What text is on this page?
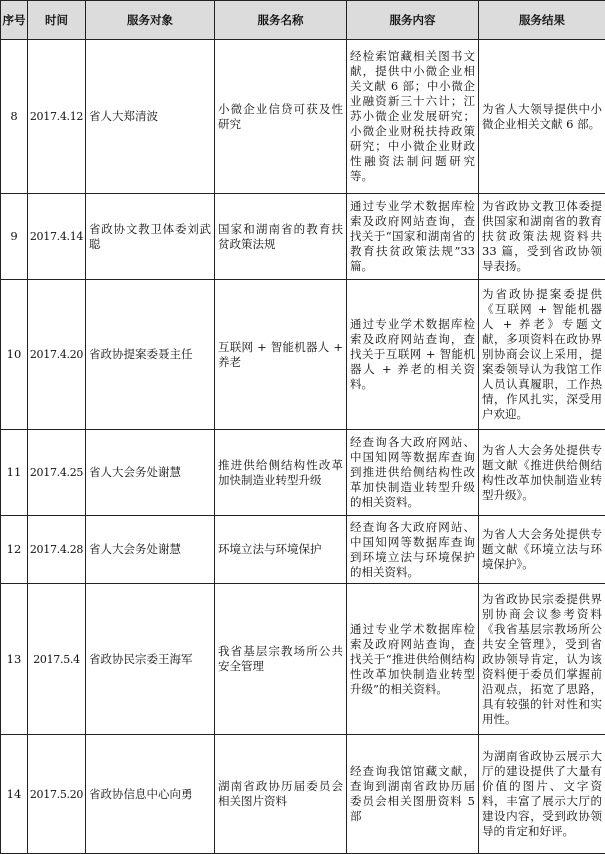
序号	时间	服务对象	服务名称	服务内容	服务结果
8	2017.4.12	省人大郑清波	小微企业信贷可获及性研究	经检索馆藏相关图书文献，提供中小微企业相关文献 6 部；中小微企业融资新三十六计；江苏小微企业发展研究；小微企业财税扶持政策研究；中小微企业财政性融资法制问题研究等。	为省人大领导提供中小微企业相关文献 6 部。
9	2017.4.14	省政协文教卫体委刘武聪	国家和湖南省的教育扶贫政策法规	通过专业学术数据库检索及政府网站查询，查找关于“国家和湖南省的教育扶贫政策法规”33 篇。	为省政协文教卫体委提供国家和湖南省的教育扶贫政策法规资料共 33 篇，受到省政协领导表扬。
10	2017.4.20	省政协提案委聂主任	互联网 + 智能机器人 + 养老	通过专业学术数据库检索及政府网站查询，查找关于互联网 + 智能机器人 + 养老的相关资料。	为省政协提案委提供《互联网 + 智能机器人 + 养老》专题文献，多项资料在政协界别协商会议上采用，提案委领导认为我馆工作人员认真履职，工作热情，作风扎实，深受用户欢迎。
11	2017.4.25	省人大会务处谢慧	推进供给侧结构性改革加快制造业转型升级	经查询各大政府网站、中国知网等数据库查询到推进供给侧结构性改革加快制造业转型升级的相关资料。	为省人大会务处提供专题文献《推进供给侧结构性改革加快制造业转型升级》。
12	2017.4.28	省人大会务处谢慧	环境立法与环境保护	经查询各大政府网站、中国知网等数据库查询到环境立法与环境保护的相关资料。	为省人大会务处提供专题文献《环境立法与环境保护》。
13	2017.5.4	省政协民宗委王海军	我省基层宗教场所公共安全管理	通过专业学术数据库检索及政府网站查询，查找关于“推进供给侧结构性改革加快制造业转型升级”的相关资料。	为省政协民宗委提供界别协商会议参考资料《我省基层宗教场所公共安全管理》，受到省政协领导肯定，认为该资料便于委员们掌握前沿观点，拓宽了思路，具有较强的针对性和实用性。
14	2017.5.20	省政协信息中心向勇	湖南省政协历届委员会相关图片资料	经查询我馆馆藏文献，查询到湖南省政协历届委员会相关图册资料 5 部	为湖南省政协云展示大厅的建设提供了大量有价值的图片、文字资料，丰富了展示大厅的建设内容，受到政协领导的肯定和好评。
